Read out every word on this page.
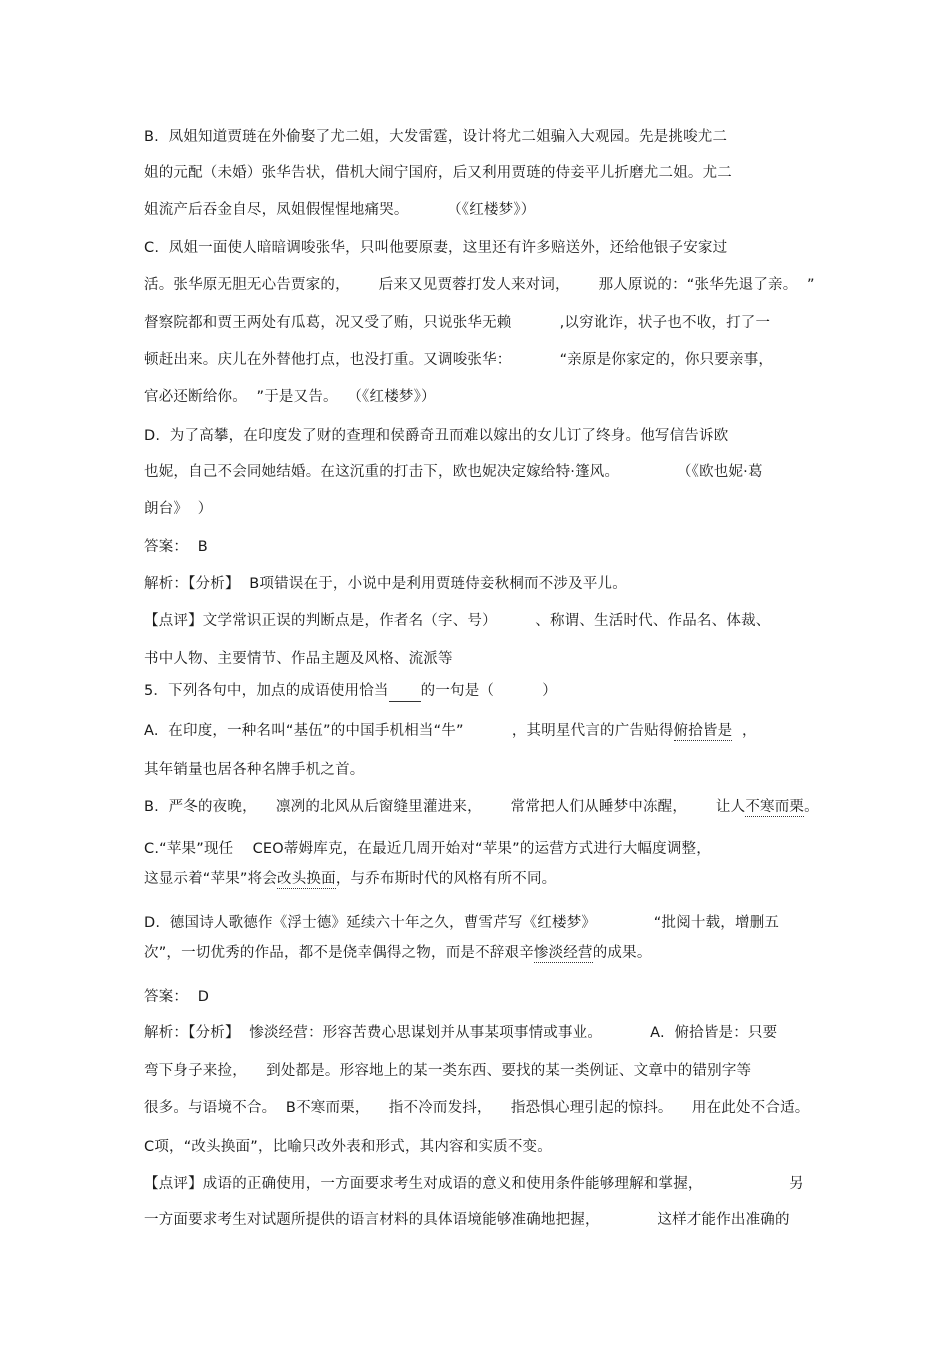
B.  凤姐知道贾琏在外偷娶了尤二姐，大发雷霆，设计将尤二姐骗入大观园。先是挑唆尤二
姐的元配（未婚）张华告状，借机大闹宁国府，后又利用贾琏的侍妾平儿折磨尤二姐。尤二
姐流产后吞金自尽，凤姐假惺惺地痛哭。        （《红楼梦》）
C.  凤姐一面使人暗暗调唆张华，只叫他要原妻，这里还有许多赔送外，还给他银子安家过
活。张华原无胆无心告贾家的，      后来又见贾蓉打发人来对词，      那人原说的：“张华先退了亲。  ”
督察院都和贾王两处有瓜葛，况又受了贿，只说张华无赖          ,以穷讹诈，状子也不收，打了一
顿赶出来。庆儿在外替他打点，也没打重。又调唆张华：          “亲原是你家定的，你只要亲事，
官必还断给你。  ”于是又告。  （《红楼梦》）
D.  为了高攀，在印度发了财的查理和侯爵奇丑而难以嫁出的女儿订了终身。他写信告诉欧
也妮，自己不会同她结婚。在这沉重的打击下，欧也妮决定嫁给特·篷风。            （《欧也妮·葛
朗台》  ）
答案：  B
解析：【分析】  B项错误在于，小说中是利用贾琏侍妾秋桐而不涉及平儿。
【点评】文学常识正误的判断点是，作者名（字、号）        、称谓、生活时代、作品名、体裁、
书中人物、主要情节、作品主题及风格、流派等
5．下列各句中，加点的成语使用恰当 的一句是（          ）
A.  在印度，一种名叫“基伍”的中国手机相当“牛”          ，其明星代言的广告贴得俯拾皆是  ，
其年销量也居各种名牌手机之首。
B.  严冬的夜晚，    凛冽的北风从后窗缝里灌进来，      常常把人们从睡梦中冻醒，      让人不寒而栗。
C.“苹果”现任    CEO蒂姆库克，在最近几周开始对“苹果”的运营方式进行大幅度调整，
这显示着“苹果”将会改头换面，与乔布斯时代的风格有所不同。
D.  德国诗人歌德作《浮士德》延续六十年之久，曹雪芹写《红楼梦》            “批阅十载，增删五
次”，一切优秀的作品，都不是侥幸偶得之物，而是不辞艰辛惨淡经营的成果。
答案：  D
解析：【分析】  惨淡经营：形容苦费心思谋划并从事某项事情或事业。          A.  俯拾皆是：只要
弯下身子来捡，    到处都是。形容地上的某一类东西、要找的某一类例证、文章中的错别字等
很多。与语境不合。  B不寒而栗，    指不冷而发抖，    指恐惧心理引起的惊抖。    用在此处不合适。
C项，“改头换面”，比喻只改外表和形式，其内容和实质不变。
【点评】成语的正确使用，一方面要求考生对成语的意义和使用条件能够理解和掌握，                  另
一方面要求考生对试题所提供的语言材料的具体语境能够准确地把握，            这样才能作出准确的
